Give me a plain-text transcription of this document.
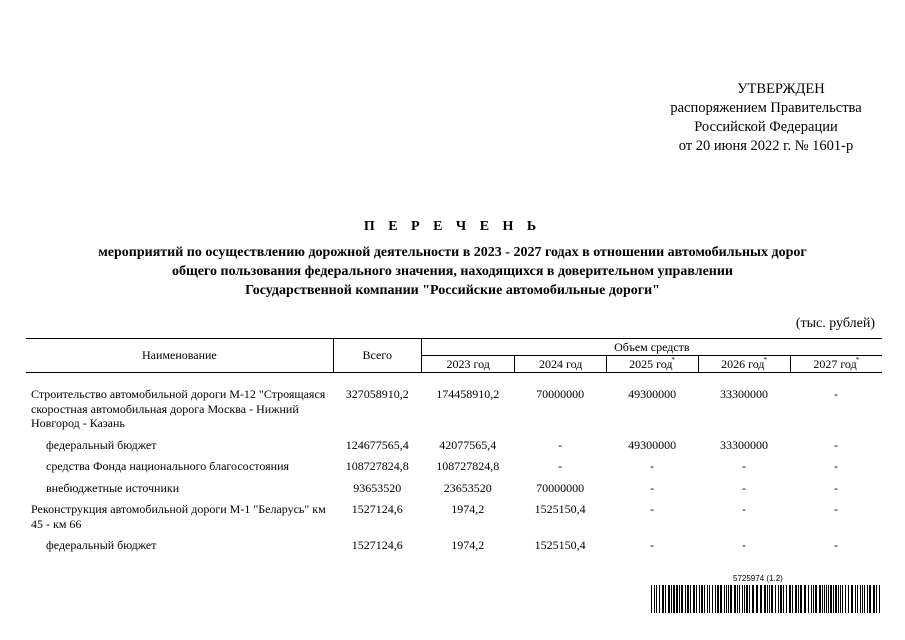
УТВЕРЖДЕН
распоряжением Правительства
Российской Федерации
от 20 июня 2022 г. № 1601-р
П Е Р Е Ч Е Н Ь
мероприятий по осуществлению дорожной деятельности в 2023 - 2027 годах в отношении автомобильных дорог
общего пользования федерального значения, находящихся в доверительном управлении
Государственной компании "Российские автомобильные дороги"
(тыс. рублей)
Наименование	Всего	Объем средств				
		2023 год	2024 год	2025 год*	2026 год*	2027 год*

Строительство автомобильной дороги М-12 "Строящаяся скоростная автомобильная дорога Москва - Нижний Новгород - Казань	327058910,2	174458910,2	70000000	49300000	33300000	-
федеральный бюджет	124677565,4	42077565,4	-	49300000	33300000	-
средства Фонда национального благосостояния	108727824,8	108727824,8	-	-	-	-
внебюджетные источники	93653520	23653520	70000000	-	-	-
Реконструкция автомобильной дороги М-1 "Беларусь" км 45 - км 66	1527124,6	1974,2	1525150,4	-	-	-
федеральный бюджет	1527124,6	1974,2	1525150,4	-	-	-
5725974 (1.2)
